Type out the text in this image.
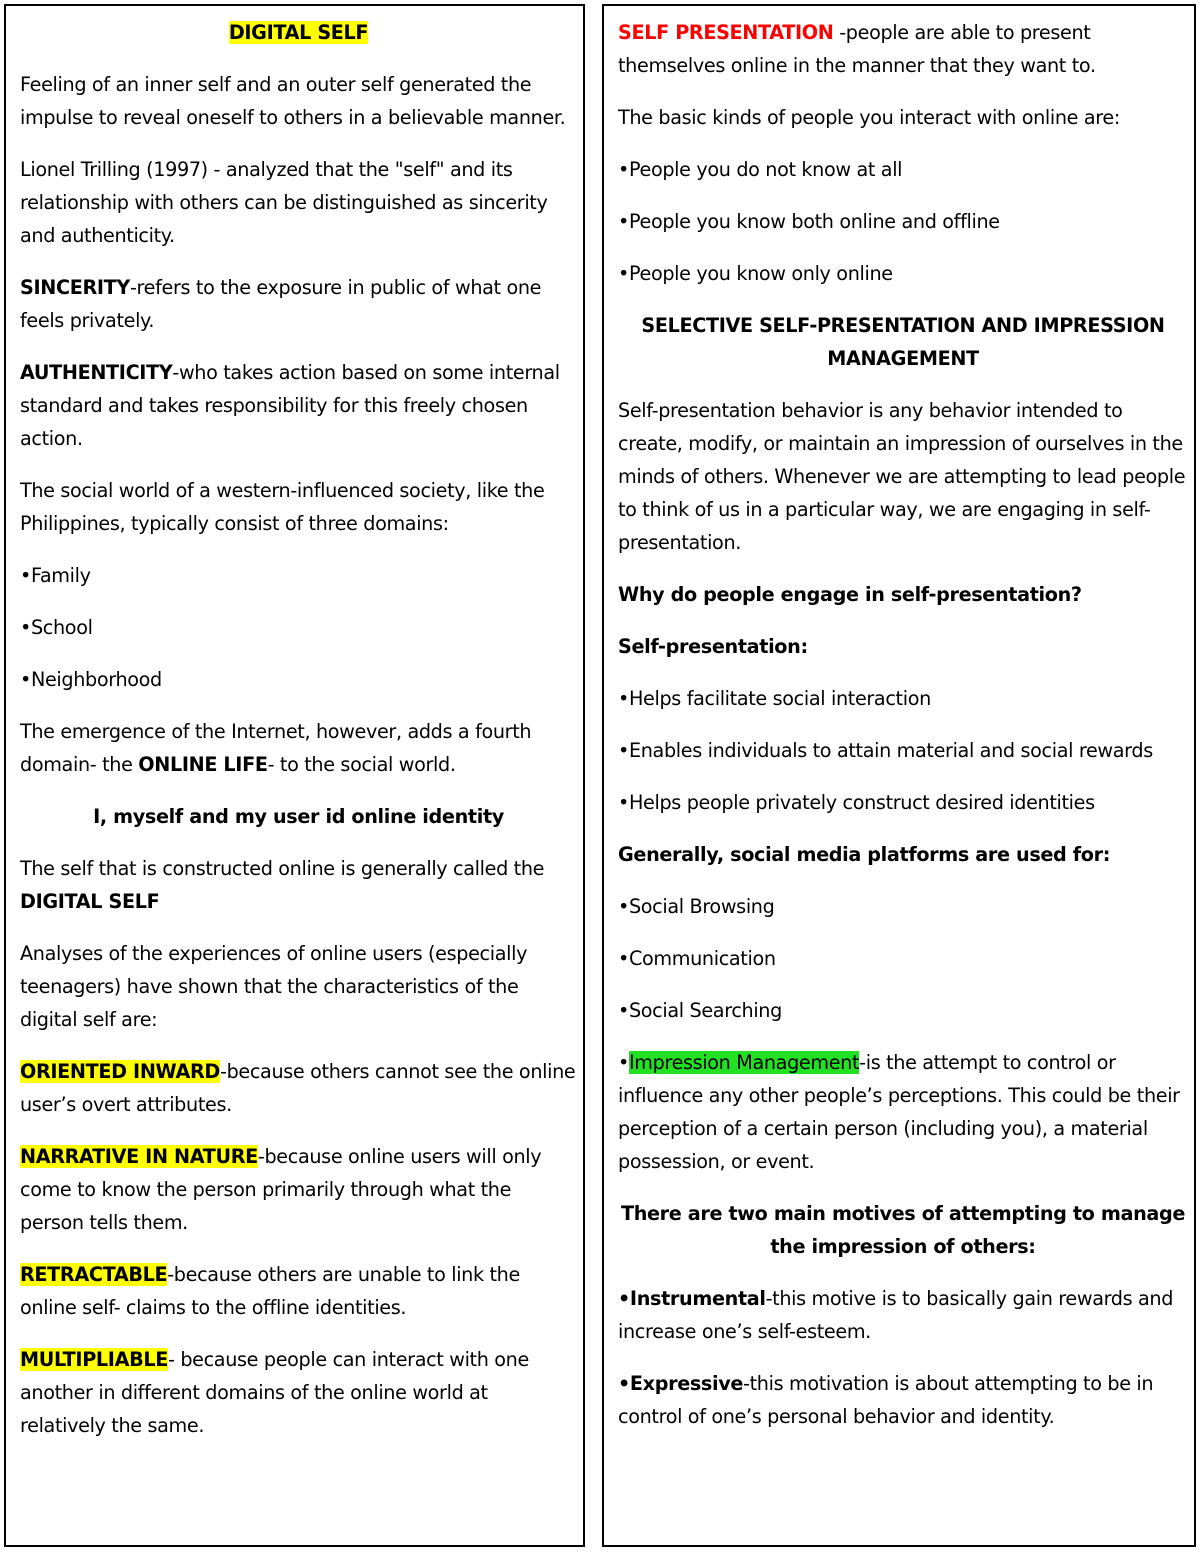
DIGITAL SELF

Feeling of an inner self and an outer self generated the impulse to reveal oneself to others in a believable manner.

Lionel Trilling (1997) - analyzed that the "self" and its relationship with others can be distinguished as sincerity and authenticity.

SINCERITY-refers to the exposure in public of what one feels privately.

AUTHENTICITY-who takes action based on some internal standard and takes responsibility for this freely chosen action.

The social world of a western-influenced society, like the Philippines, typically consist of three domains:

•Family

•School

•Neighborhood

The emergence of the Internet, however, adds a fourth domain- the ONLINE LIFE- to the social world.

I, myself and my user id online identity

The self that is constructed online is generally called the DIGITAL SELF

Analyses of the experiences of online users (especially teenagers) have shown that the characteristics of the digital self are:

ORIENTED INWARD-because others cannot see the online user’s overt attributes.

NARRATIVE IN NATURE-because online users will only come to know the person primarily through what the person tells them.

RETRACTABLE-because others are unable to link the online self- claims to the offline identities.

MULTIPLIABLE- because people can interact with one another in different domains of the online world at relatively the same.

SELF PRESENTATION -people are able to present themselves online in the manner that they want to.

The basic kinds of people you interact with online are:

•People you do not know at all

•People you know both online and offline

•People you know only online

SELECTIVE SELF-PRESENTATION AND IMPRESSION MANAGEMENT

Self-presentation behavior is any behavior intended to create, modify, or maintain an impression of ourselves in the minds of others. Whenever we are attempting to lead people to think of us in a particular way, we are engaging in self-presentation.

Why do people engage in self-presentation?

Self-presentation:

•Helps facilitate social interaction

•Enables individuals to attain material and social rewards

•Helps people privately construct desired identities

Generally, social media platforms are used for:

•Social Browsing

•Communication

•Social Searching

•Impression Management-is the attempt to control or influence any other people’s perceptions. This could be their perception of a certain person (including you), a material possession, or event.

There are two main motives of attempting to manage the impression of others:

•Instrumental-this motive is to basically gain rewards and increase one’s self-esteem.

•Expressive-this motivation is about attempting to be in control of one’s personal behavior and identity.
